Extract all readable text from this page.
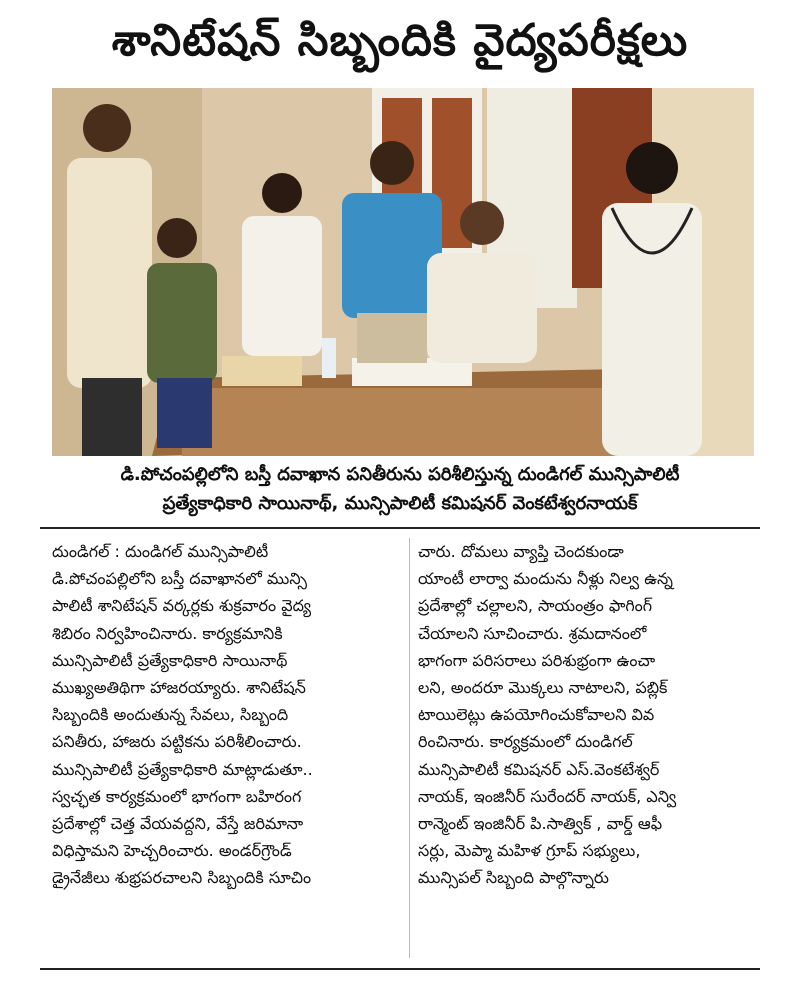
శానిటేషన్ సిబ్బందికి వైద్యపరీక్షలు
డి.పోచంపల్లిలోని బస్తీ దవాఖాన పనితీరును పరిశీలిస్తున్న దుండిగల్ మున్సిపాలిటీ
ప్రత్యేకాధికారి సాయినాథ్, మున్సిపాలిటీ కమిషనర్ వెంకటేశ్వరనాయక్
దుండిగల్ : దుండిగల్ మున్సిపాలిటీ
డి.పోచంపల్లిలోని బస్తీ దవాఖానలో మున్సి
పాలిటీ శానిటేషన్ వర్కర్లకు శుక్రవారం వైద్య
శిబిరం నిర్వహించినారు. కార్యక్రమానికి
మున్సిపాలిటీ ప్రత్యేకాధికారి సాయినాథ్
ముఖ్యఅతిథిగా హాజరయ్యారు. శానిటేషన్
సిబ్బందికి అందుతున్న సేవలు, సిబ్బంది
పనితీరు, హాజరు పట్టికను పరిశీలించారు.
మున్సిపాలిటీ ప్రత్యేకాధికారి మాట్లాడుతూ..
స్వచ్ఛత కార్యక్రమంలో భాగంగా బహిరంగ
ప్రదేశాల్లో చెత్త వేయవద్దని, వేస్తే జరిమానా
విధిస్తామని హెచ్చరించారు. అండర్‌గ్రౌండ్
డ్రైనేజీలు శుభ్రపరచాలని సిబ్బందికి సూచిం
చారు. దోమలు వ్యాప్తి చెందకుండా
యాంటీ లార్వా మందును నీళ్లు నిల్వ ఉన్న
ప్రదేశాల్లో చల్లాలని, సాయంత్రం ఫాగింగ్
చేయాలని సూచించారు. శ్రమదానంలో
భాగంగా పరిసరాలు పరిశుభ్రంగా ఉంచా
లని, అందరూ మొక్కలు నాటాలని, పబ్లిక్
టాయిలెట్లు ఉపయోగించుకోవాలని వివ
రించినారు. కార్యక్రమంలో దుండిగల్
మున్సిపాలిటీ కమిషనర్ ఎస్.వెంకటేశ్వర్
నాయక్, ఇంజినీర్ సురేందర్ నాయక్, ఎన్వి
రాన్మెంట్ ఇంజినీర్ పి.సాత్విక్ , వార్డ్ ఆఫీ
సర్లు, మెప్మా మహిళ గ్రూప్ సభ్యులు,
మున్సిపల్ సిబ్బంది పాల్గొన్నారు
